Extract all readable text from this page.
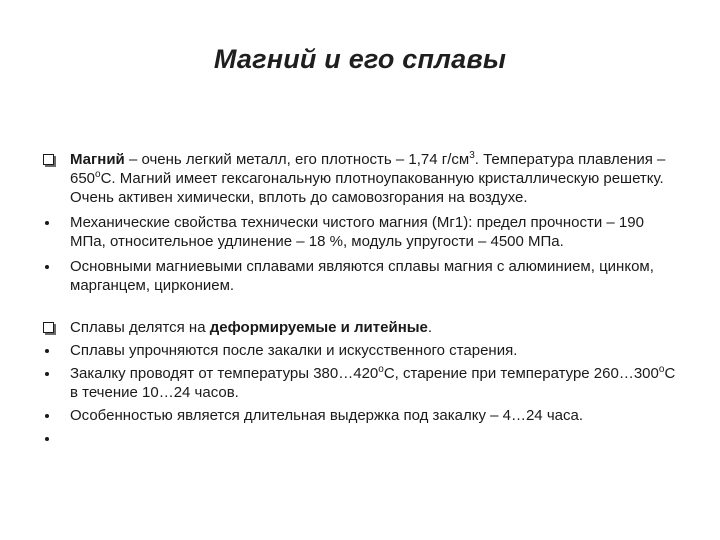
Магний и его сплавы
Магний – очень легкий металл, его плотность – 1,74 $г/см^3$. Температура плавления – 650$^o$С. Магний имеет гексагональную плотноупакованную кристаллическую решетку. Очень активен химически, вплоть до самовозгорания на воздухе.
Механические свойства технически чистого магния (Мг1): предел прочности – 190 МПа, относительное удлинение – 18 %, модуль упругости – 4500 МПа.
Основными магниевыми сплавами являются сплавы магния с алюминием, цинком, марганцем, цирконием.
Сплавы делятся на деформируемые и литейные.
Сплавы упрочняются после закалки и искусственного старения.
Закалку проводят от температуры $380\dots 420^оС$, старение при температуре $260\dots 300^оС$ в течение 10…24 часов.
Особенностью является длительная выдержка под закалку – 4…24 часа.
